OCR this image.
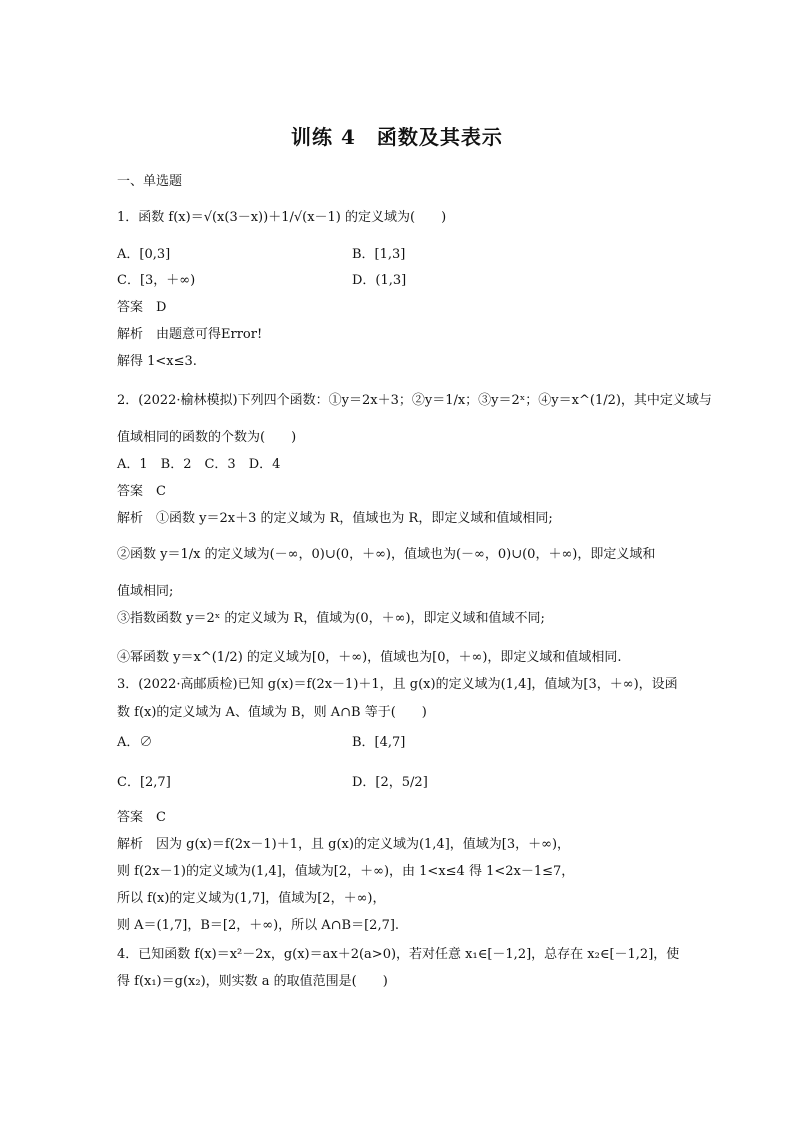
训练 4　函数及其表示
一、单选题
1．函数 f(x)＝√(x(3－x))＋1/√(x－1) 的定义域为(　　)
A．[0,3]	B．[1,3]
C．[3，＋∞)	D．(1,3]
答案　D
解析　由题意可得Error!
解得 1<x≤3.
2．(2022·榆林模拟)下列四个函数：①y＝2x＋3；②y＝1/x；③y＝2ˣ；④y＝x^(1/2)，其中定义域与
值域相同的函数的个数为(　　)
A．1　B．2　C．3　D．4
答案　C
解析　①函数 y＝2x＋3 的定义域为 R，值域也为 R，即定义域和值域相同;
②函数 y＝1/x 的定义域为(－∞，0)∪(0，＋∞)，值域也为(－∞，0)∪(0，＋∞)，即定义域和
值域相同;
③指数函数 y＝2ˣ 的定义域为 R，值域为(0，＋∞)，即定义域和值域不同;
④幂函数 y＝x^(1/2) 的定义域为[0，＋∞)，值域也为[0，＋∞)，即定义域和值域相同.
3．(2022·高邮质检)已知 g(x)＝f(2x－1)＋1，且 g(x)的定义域为(1,4]，值域为[3，＋∞)，设函
数 f(x)的定义域为 A、值域为 B，则 A∩B 等于(　　)
A．∅	B．[4,7]
C．[2,7]	D．[2，5/2]
答案　C
解析　因为 g(x)＝f(2x－1)＋1，且 g(x)的定义域为(1,4]，值域为[3，＋∞)，
则 f(2x－1)的定义域为(1,4]，值域为[2，＋∞)，由 1<x≤4 得 1<2x－1≤7，
所以 f(x)的定义域为(1,7]，值域为[2，＋∞)，
则 A＝(1,7]，B＝[2，＋∞)，所以 A∩B＝[2,7].
4．已知函数 f(x)＝x²－2x，g(x)＝ax＋2(a>0)，若对任意 x₁∈[－1,2]，总存在 x₂∈[－1,2]，使
得 f(x₁)＝g(x₂)，则实数 a 的取值范围是(　　)
